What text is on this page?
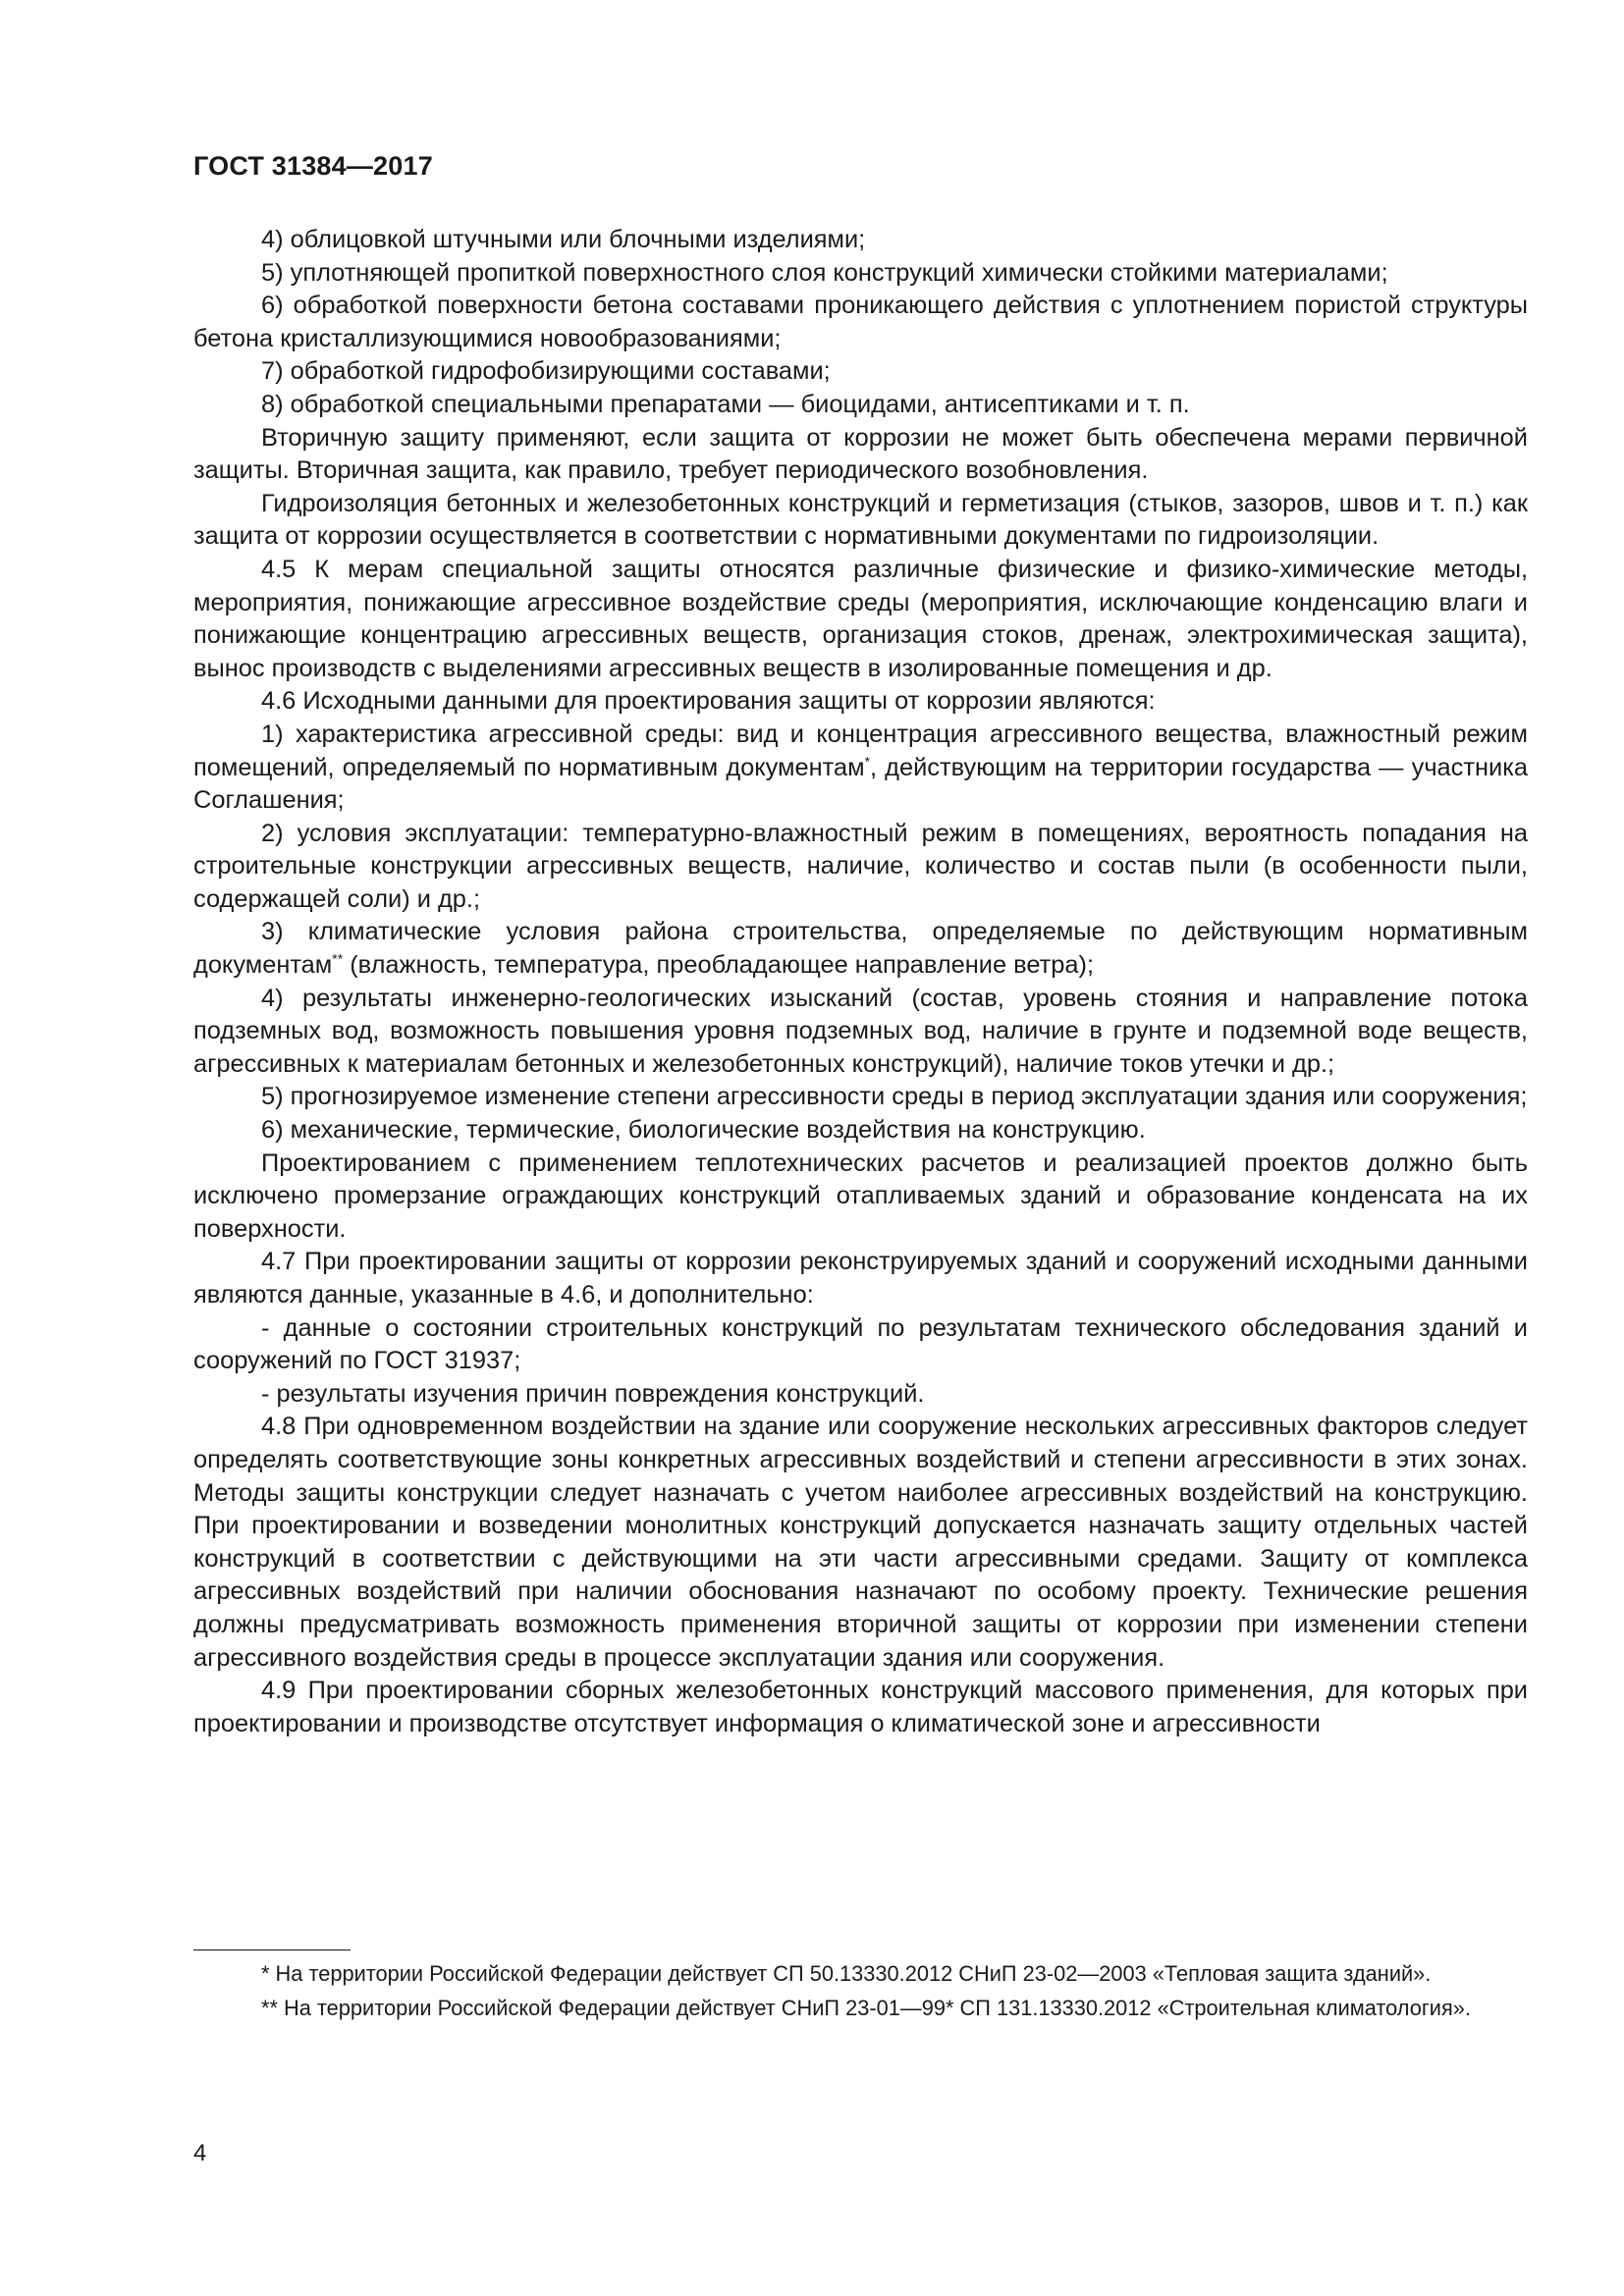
ГОСТ 31384—2017

4) облицовкой штучными или блочными изделиями;

5) уплотняющей пропиткой поверхностного слоя конструкций химически стойкими материалами;

6) обработкой поверхности бетона составами проникающего действия с уплотнением пористой структуры бетона кристаллизующимися новообразованиями;

7) обработкой гидрофобизирующими составами;

8) обработкой специальными препаратами — биоцидами, антисептиками и т. п.

Вторичную защиту применяют, если защита от коррозии не может быть обеспечена мерами первичной защиты. Вторичная защита, как правило, требует периодического возобновления.

Гидроизоляция бетонных и железобетонных конструкций и герметизация (стыков, зазоров, швов и т. п.) как защита от коррозии осуществляется в соответствии с нормативными документами по гидроизоляции.

4.5 К мерам специальной защиты относятся различные физические и физико-химические методы, мероприятия, понижающие агрессивное воздействие среды (мероприятия, исключающие конденсацию влаги и понижающие концентрацию агрессивных веществ, организация стоков, дренаж, электрохимическая защита), вынос производств с выделениями агрессивных веществ в изолированные помещения и др.

4.6 Исходными данными для проектирования защиты от коррозии являются:

1) характеристика агрессивной среды: вид и концентрация агрессивного вещества, влажностный режим помещений, определяемый по нормативным документам*, действующим на территории государства — участника Соглашения;

2) условия эксплуатации: температурно-влажностный режим в помещениях, вероятность попадания на строительные конструкции агрессивных веществ, наличие, количество и состав пыли (в особенности пыли, содержащей соли) и др.;

3) климатические условия района строительства, определяемые по действующим нормативным документам** (влажность, температура, преобладающее направление ветра);

4) результаты инженерно-геологических изысканий (состав, уровень стояния и направление потока подземных вод, возможность повышения уровня подземных вод, наличие в грунте и подземной воде веществ, агрессивных к материалам бетонных и железобетонных конструкций), наличие токов утечки и др.;

5) прогнозируемое изменение степени агрессивности среды в период эксплуатации здания или сооружения;

6) механические, термические, биологические воздействия на конструкцию.

Проектированием с применением теплотехнических расчетов и реализацией проектов должно быть исключено промерзание ограждающих конструкций отапливаемых зданий и образование конденсата на их поверхности.

4.7 При проектировании защиты от коррозии реконструируемых зданий и сооружений исходными данными являются данные, указанные в 4.6, и дополнительно:

- данные о состоянии строительных конструкций по результатам технического обследования зданий и сооружений по ГОСТ 31937;

- результаты изучения причин повреждения конструкций.

4.8 При одновременном воздействии на здание или сооружение нескольких агрессивных факторов следует определять соответствующие зоны конкретных агрессивных воздействий и степени агрессивности в этих зонах. Методы защиты конструкции следует назначать с учетом наиболее агрессивных воздействий на конструкцию. При проектировании и возведении монолитных конструкций допускается назначать защиту отдельных частей конструкций в соответствии с действующими на эти части агрессивными средами. Защиту от комплекса агрессивных воздействий при наличии обоснования назначают по особому проекту. Технические решения должны предусматривать возможность применения вторичной защиты от коррозии при изменении степени агрессивного воздействия среды в процессе эксплуатации здания или сооружения.

4.9 При проектировании сборных железобетонных конструкций массового применения, для которых при проектировании и производстве отсутствует информация о климатической зоне и агрессивности

* На территории Российской Федерации действует СП 50.13330.2012 СНиП 23-02—2003 «Тепловая защита зданий».

** На территории Российской Федерации действует СНиП 23-01—99* СП 131.13330.2012 «Строительная климатология».

4
